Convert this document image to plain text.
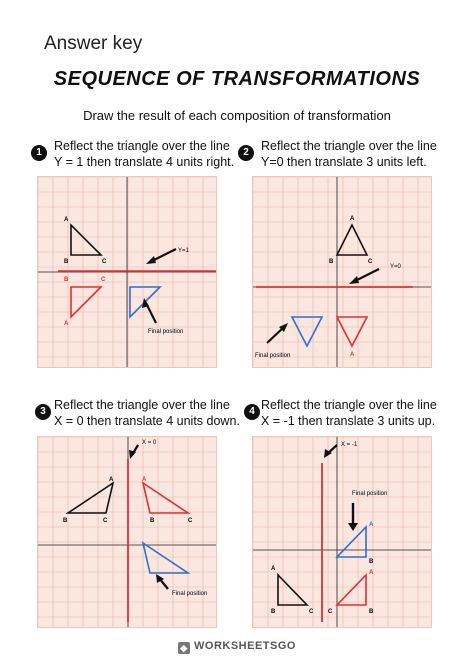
Answer key
SEQUENCE OF TRANSFORMATIONS
Draw the result of each composition of transformation
1 Reflect the triangle over the line
Y = 1 then translate 4 units right.
A
B	C
B	C
A
Y=1
Final position
2 Reflect the triangle over the line
Y=0 then translate 3 units left.
A
B	C
A
Y=0
Final position
3 Reflect the triangle over the line
X = 0 then translate 4 units down.
A
B	C
A
B	C
X = 0
Final position
4 Reflect the triangle over the line
X = -1 then translate 3 units up.
A
B	C
A
B
C
A
B
X = -1
Final position
◆ WORKSHEETSGO
